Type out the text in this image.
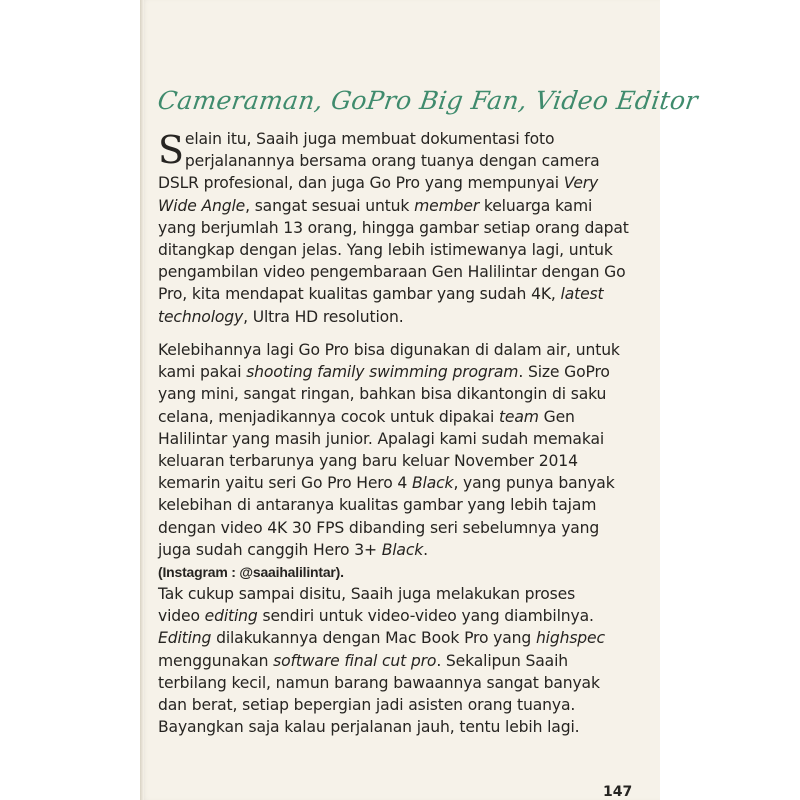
Cameraman, GoPro Big Fan, Video Editor
S elain itu, Saaih juga membuat dokumentasi foto
perjalanannya bersama orang tuanya dengan camera
DSLR profesional, dan juga Go Pro yang mempunyai Very
Wide Angle, sangat sesuai untuk member keluarga kami
yang berjumlah 13 orang, hingga gambar setiap orang dapat
ditangkap dengan jelas. Yang lebih istimewanya lagi, untuk
pengambilan video pengembaraan Gen Halilintar dengan Go
Pro, kita mendapat kualitas gambar yang sudah 4K, latest
technology, Ultra HD resolution.
Kelebihannya lagi Go Pro bisa digunakan di dalam air, untuk
kami pakai shooting family swimming program. Size GoPro
yang mini, sangat ringan, bahkan bisa dikantongin di saku
celana, menjadikannya cocok untuk dipakai team Gen
Halilintar yang masih junior. Apalagi kami sudah memakai
keluaran terbarunya yang baru keluar November 2014
kemarin yaitu seri Go Pro Hero 4 Black, yang punya banyak
kelebihan di antaranya kualitas gambar yang lebih tajam
dengan video 4K 30 FPS dibanding seri sebelumnya yang
juga sudah canggih Hero 3+ Black.
(Instagram : @saaihalilintar).
Tak cukup sampai disitu, Saaih juga melakukan proses
video editing sendiri untuk video-video yang diambilnya.
Editing dilakukannya dengan Mac Book Pro yang highspec
menggunakan software final cut pro. Sekalipun Saaih
terbilang kecil, namun barang bawaannya sangat banyak
dan berat, setiap bepergian jadi asisten orang tuanya.
Bayangkan saja kalau perjalanan jauh, tentu lebih lagi.
147
